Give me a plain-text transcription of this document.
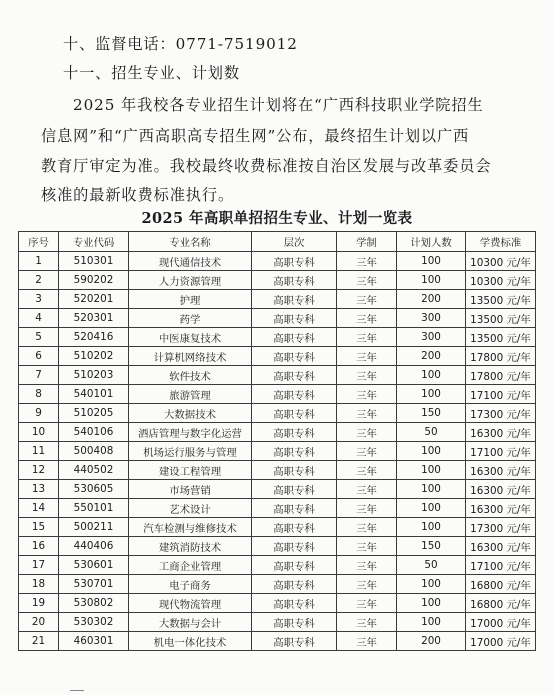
十、监督电话：0771-7519012
十一、招生专业、计划数
2025 年我校各专业招生计划将在“广西科技职业学院招生
信息网”和“广西高职高专招生网”公布，最终招生计划以广西
教育厅审定为准。我校最终收费标准按自治区发展与改革委员会
核准的最新收费标准执行。
2025 年高职单招招生专业、计划一览表
序号	专业代码	专业名称	层次	学制	计划人数	学费标准
1	510301	现代通信技术	高职专科	三年	100	10300 元/年
2	590202	人力资源管理	高职专科	三年	100	10300 元/年
3	520201	护理	高职专科	三年	200	13500 元/年
4	520301	药学	高职专科	三年	300	13500 元/年
5	520416	中医康复技术	高职专科	三年	300	13500 元/年
6	510202	计算机网络技术	高职专科	三年	200	17800 元/年
7	510203	软件技术	高职专科	三年	100	17800 元/年
8	540101	旅游管理	高职专科	三年	100	17100 元/年
9	510205	大数据技术	高职专科	三年	150	17300 元/年
10	540106	酒店管理与数字化运营	高职专科	三年	50	16300 元/年
11	500408	机场运行服务与管理	高职专科	三年	100	17100 元/年
12	440502	建设工程管理	高职专科	三年	100	16300 元/年
13	530605	市场营销	高职专科	三年	100	16300 元/年
14	550101	艺术设计	高职专科	三年	100	16300 元/年
15	500211	汽车检测与维修技术	高职专科	三年	100	17300 元/年
16	440406	建筑消防技术	高职专科	三年	150	16300 元/年
17	530601	工商企业管理	高职专科	三年	50	17100 元/年
18	530701	电子商务	高职专科	三年	100	16800 元/年
19	530802	现代物流管理	高职专科	三年	100	16800 元/年
20	530302	大数据与会计	高职专科	三年	100	17000 元/年
21	460301	机电一体化技术	高职专科	三年	200	17000 元/年
